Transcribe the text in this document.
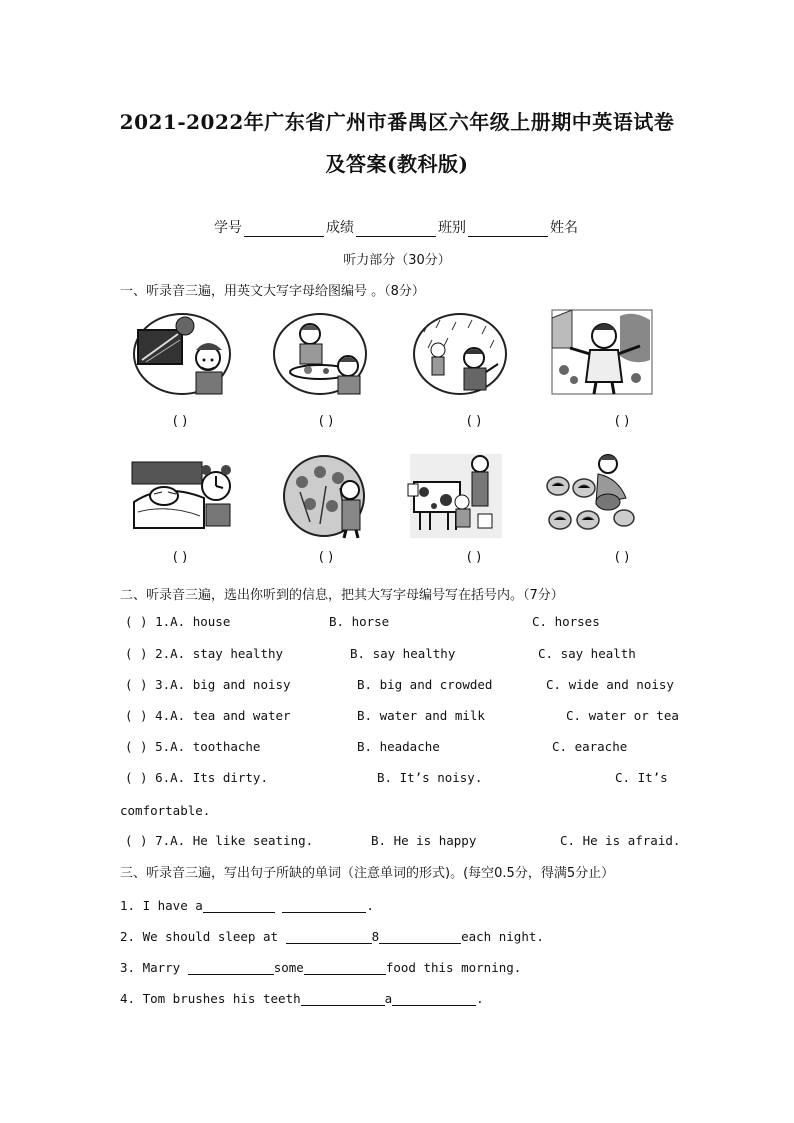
2021-2022年广东省广州市番禺区六年级上册期中英语试卷
及答案(教科版)
学号	成绩	班别	姓名
听力部分（30分）
一、听录音三遍，用英文大写字母给图编号 。（8分）
( )	( )	( )	( )
( )	( )	( )	( )
二、听录音三遍，选出你听到的信息，把其大写字母编号写在括号内。（7分）
( ) 1.A. house	B. horse	C. horses
( ) 2.A. stay healthy	B. say healthy	C. say health
( ) 3.A. big and noisy	B. big and crowded	C. wide and noisy
( ) 4.A. tea and water	B. water and milk	C. water or tea
( ) 5.A. toothache	B. headache	C. earache
( ) 6.A. Its dirty.	B. It’s noisy.	C. It’s
comfortable.
( ) 7.A. He like seating.	B. He is happy	C. He is afraid.
三、听录音三遍，写出句子所缺的单词（注意单词的形式)。(每空0.5分，得满5分止）
1. I have a	.
2. We should sleep at	8	each night.
3. Marry	some	food this morning.
4. Tom brushes his teeth	a	.
